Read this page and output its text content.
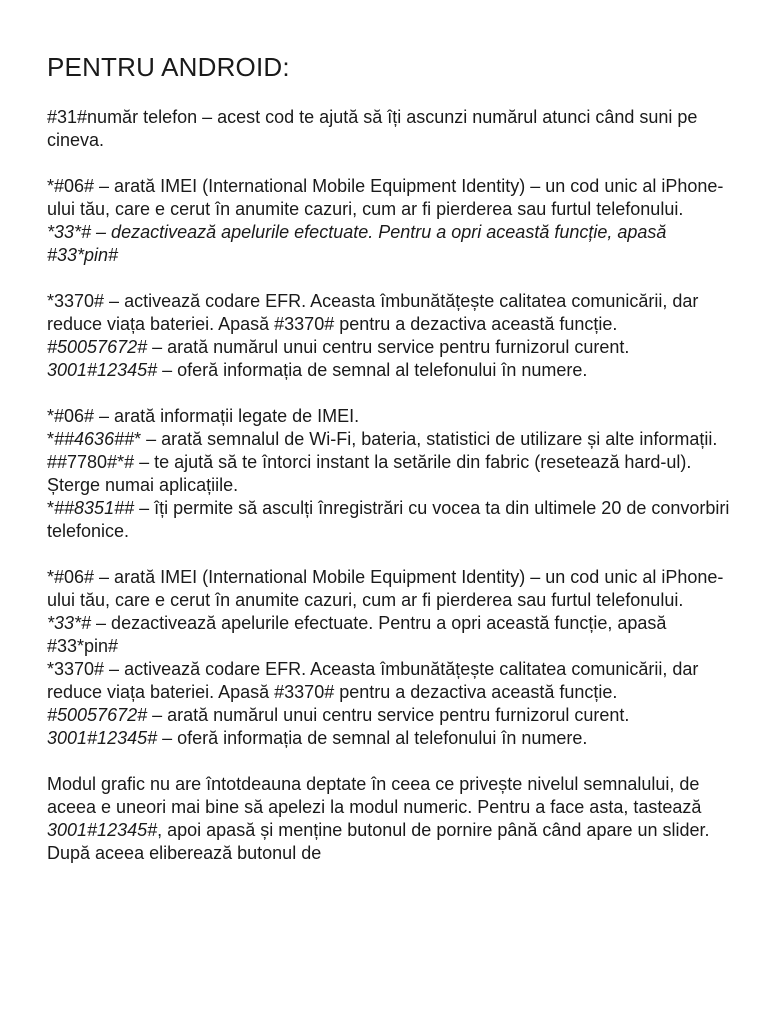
PENTRU ANDROID:
#31#număr telefon – acest cod te ajută să îți ascunzi numărul atunci când suni pe cineva.
*#06# – arată IMEI (International Mobile Equipment Identity) – un cod unic al iPhone-ului tău, care e cerut în anumite cazuri, cum ar fi pierderea sau furtul telefonului.
*33*# – dezactivează apelurile efectuate. Pentru a opri această funcție, apasă #33*pin#
*3370# – activează codare EFR. Aceasta îmbunătățește calitatea comunicării, dar reduce viața bateriei. Apasă #3370# pentru a dezactiva această funcție.
#50057672# – arată numărul unui centru service pentru furnizorul curent.
3001#12345# – oferă informația de semnal al telefonului în numere.
*#06# – arată informații legate de IMEI.
*##4636##* – arată semnalul de Wi-Fi, bateria, statistici de utilizare și alte informații.
##7780#*# – te ajută să te întorci instant la setările din fabric (resetează hard-ul). Șterge numai aplicațiile.
*##8351## – îți permite să asculți înregistrări cu vocea ta din ultimele 20 de convorbiri telefonice.
*#06# – arată IMEI (International Mobile Equipment Identity) – un cod unic al iPhone-ului tău, care e cerut în anumite cazuri, cum ar fi pierderea sau furtul telefonului.
*33*# – dezactivează apelurile efectuate. Pentru a opri această funcție, apasă #33*pin#
*3370# – activează codare EFR. Aceasta îmbunătățește calitatea comunicării, dar reduce viața bateriei. Apasă #3370# pentru a dezactiva această funcție.
#50057672# – arată numărul unui centru service pentru furnizorul curent.
3001#12345# – oferă informația de semnal al telefonului în numere.
Modul grafic nu are întotdeauna deptate în ceea ce privește nivelul semnalului, de aceea e uneori mai bine să apelezi la modul numeric. Pentru a face asta, tastează 3001#12345#, apoi apasă și menține butonul de pornire până când apare un slider. După aceea eliberează butonul de
